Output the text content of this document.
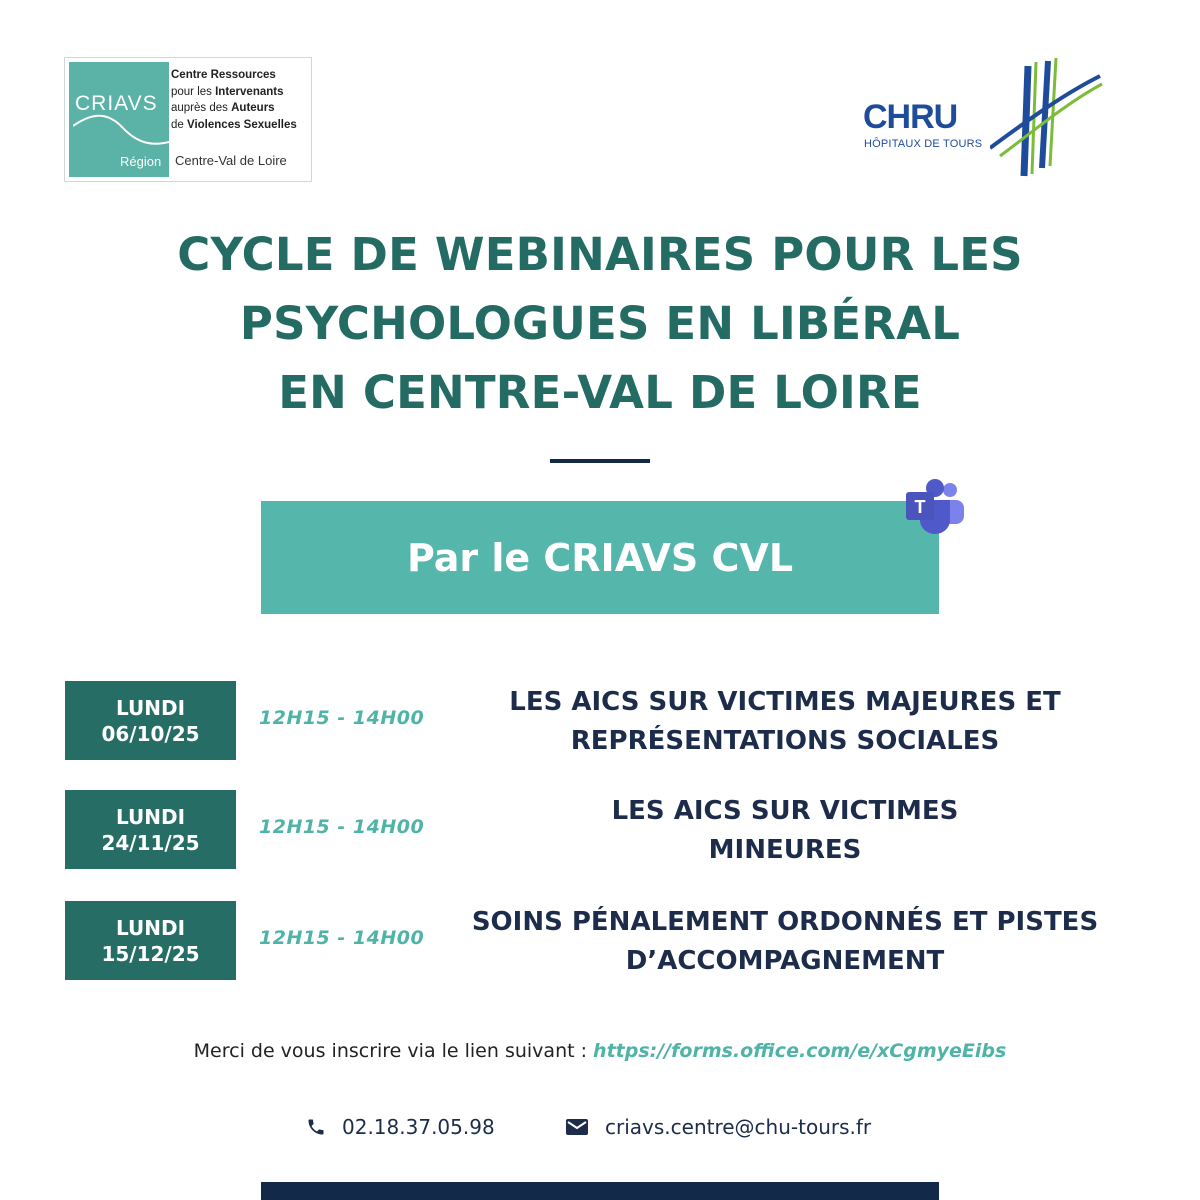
CRIAVS
Région
Centre Ressources
pour les Intervenants
auprès des Auteurs
de Violences Sexuelles
Centre-Val de Loire
CHRU
HÔPITAUX DE TOURS
CYCLE DE WEBINAIRES POUR LES
PSYCHOLOGUES EN LIBÉRAL
EN CENTRE-VAL DE LOIRE
Par le CRIAVS CVL
T
LUNDI
06/10/25
12H15 - 14H00
LES AICS SUR VICTIMES MAJEURES ET
REPRÉSENTATIONS SOCIALES
LUNDI
24/11/25
12H15 - 14H00
LES AICS SUR VICTIMES
MINEURES
LUNDI
15/12/25
12H15 - 14H00
SOINS PÉNALEMENT ORDONNÉS ET PISTES
D’ACCOMPAGNEMENT
Merci de vous inscrire via le lien suivant : https://forms.office.com/e/xCgmyeEibs
02.18.37.05.98	criavs.centre@chu-tours.fr
